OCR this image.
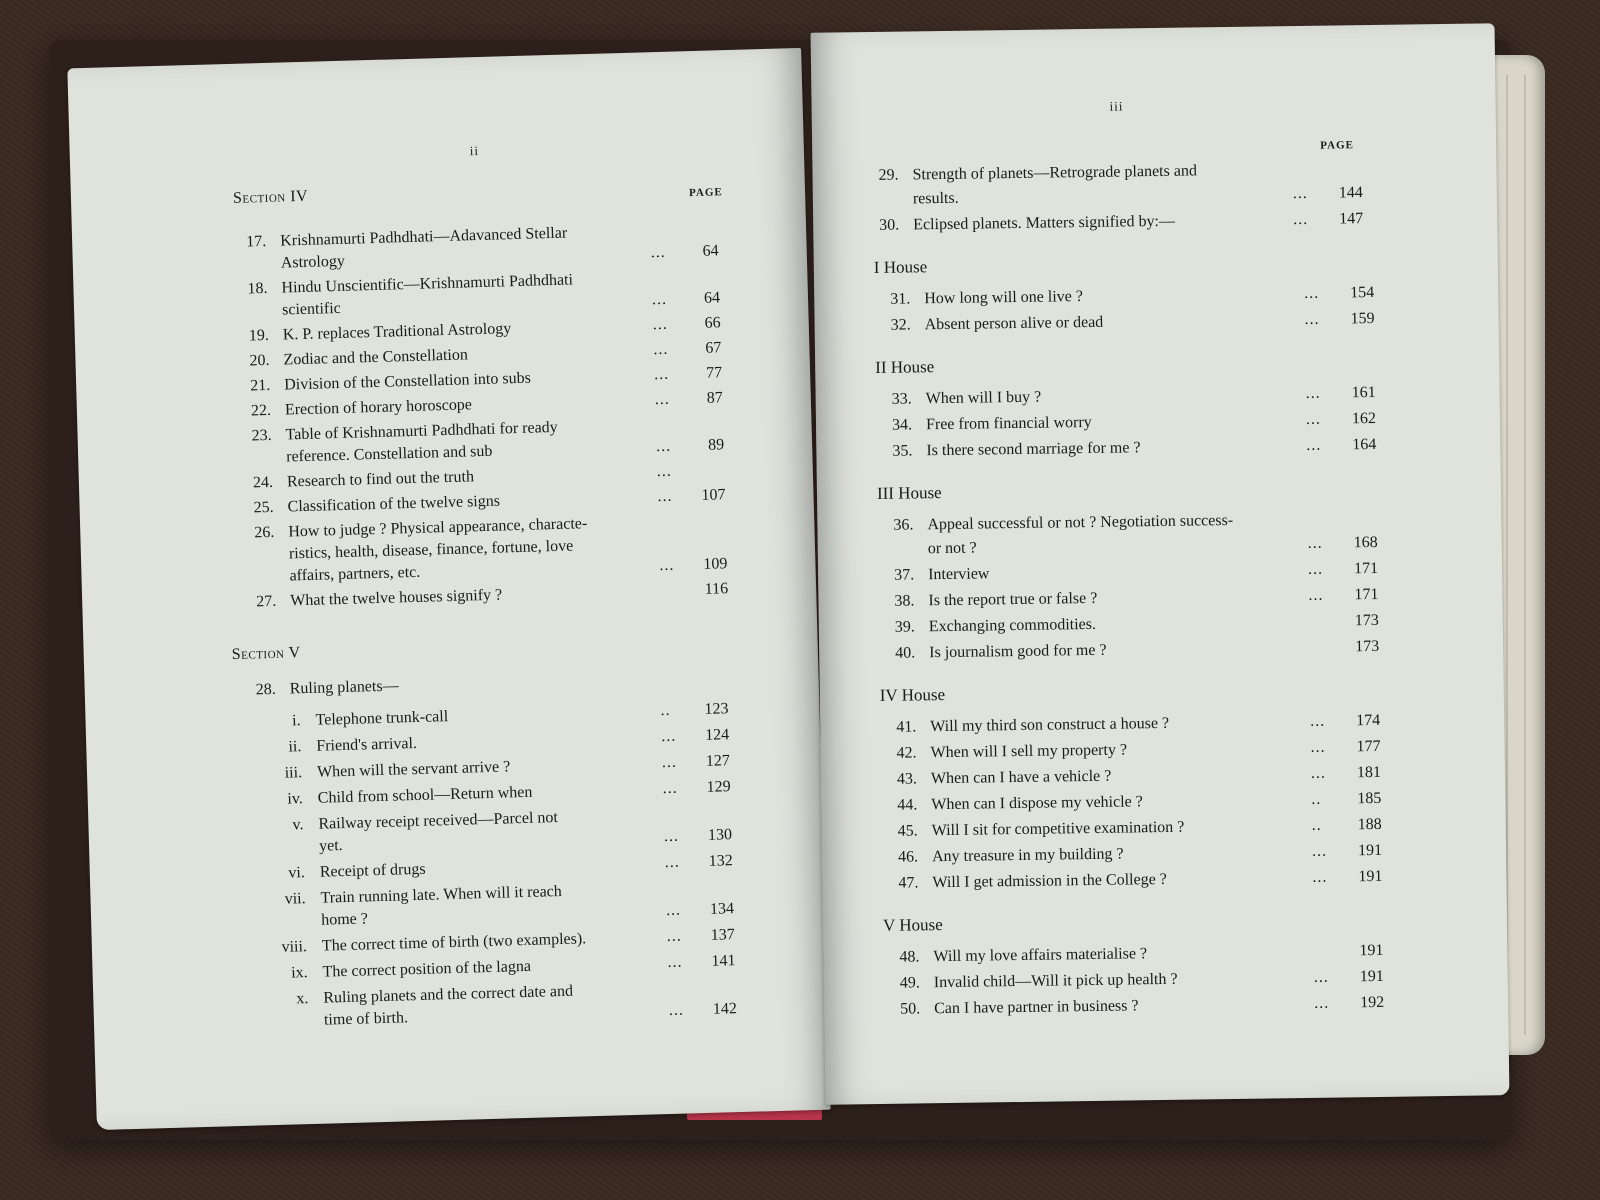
ii
Section IV	PAGE
17. Krishnamurti Padhdhati—Adavanced Stellar
Astrology
...	64
18. Hindu Unscientific—Krishnamurti Padhdhati
scientific
...	64
19. K. P. replaces Traditional Astrology	...	66
20. Zodiac and the Constellation	...	67
21. Division of the Constellation into subs	...	77
22. Erection of horary horoscope	...	87
23. Table of Krishnamurti Padhdhati for ready
reference. Constellation and sub	...	89
24. Research to find out the truth	...
25. Classification of the twelve signs	...	107
26. How to judge ? Physical appearance, characte-
ristics, health, disease, finance, fortune, love
affairs, partners, etc.	...	109
27. What the twelve houses signify ?	116
Section V
28. Ruling planets—
i. Telephone trunk-call	..	123
ii. Friend's arrival.	...	124
iii. When will the servant arrive ?	...	127
iv. Child from school—Return when	...	129
v. Railway receipt received—Parcel not
yet.
...	130
vi. Receipt of drugs	...	132
vii. Train running late. When will it reach
home ?
...	134
viii. The correct time of birth (two examples).	...	137
ix. The correct position of the lagna	...	141
x. Ruling planets and the correct date and
time of birth.	...	142
iii
PAGE
29. Strength of planets—Retrograde planets and
results.	...	144
30. Eclipsed planets. Matters signified by:—	...	147
I House
31. How long will one live ?	...	154
32. Absent person alive or dead	...	159
II House
33. When will I buy ?	...	161
34. Free from financial worry	...	162
35. Is there second marriage for me ?	...	164
III House
36. Appeal successful or not ? Negotiation success-
or not ?	...	168
37. Interview	...	171
38. Is the report true or false ?	...	171
39. Exchanging commodities.	173
40. Is journalism good for me ?	173
IV House
41. Will my third son construct a house ?	...	174
42. When will I sell my property ?	...	177
43. When can I have a vehicle ?	...	181
44. When can I dispose my vehicle ?	..	185
45. Will I sit for competitive examination ?	..	188
46. Any treasure in my building ?	...	191
47. Will I get admission in the College ?	...	191
V House
48. Will my love affairs materialise ?	191
49. Invalid child—Will it pick up health ?	...	191
50. Can I have partner in business ?	...	192
